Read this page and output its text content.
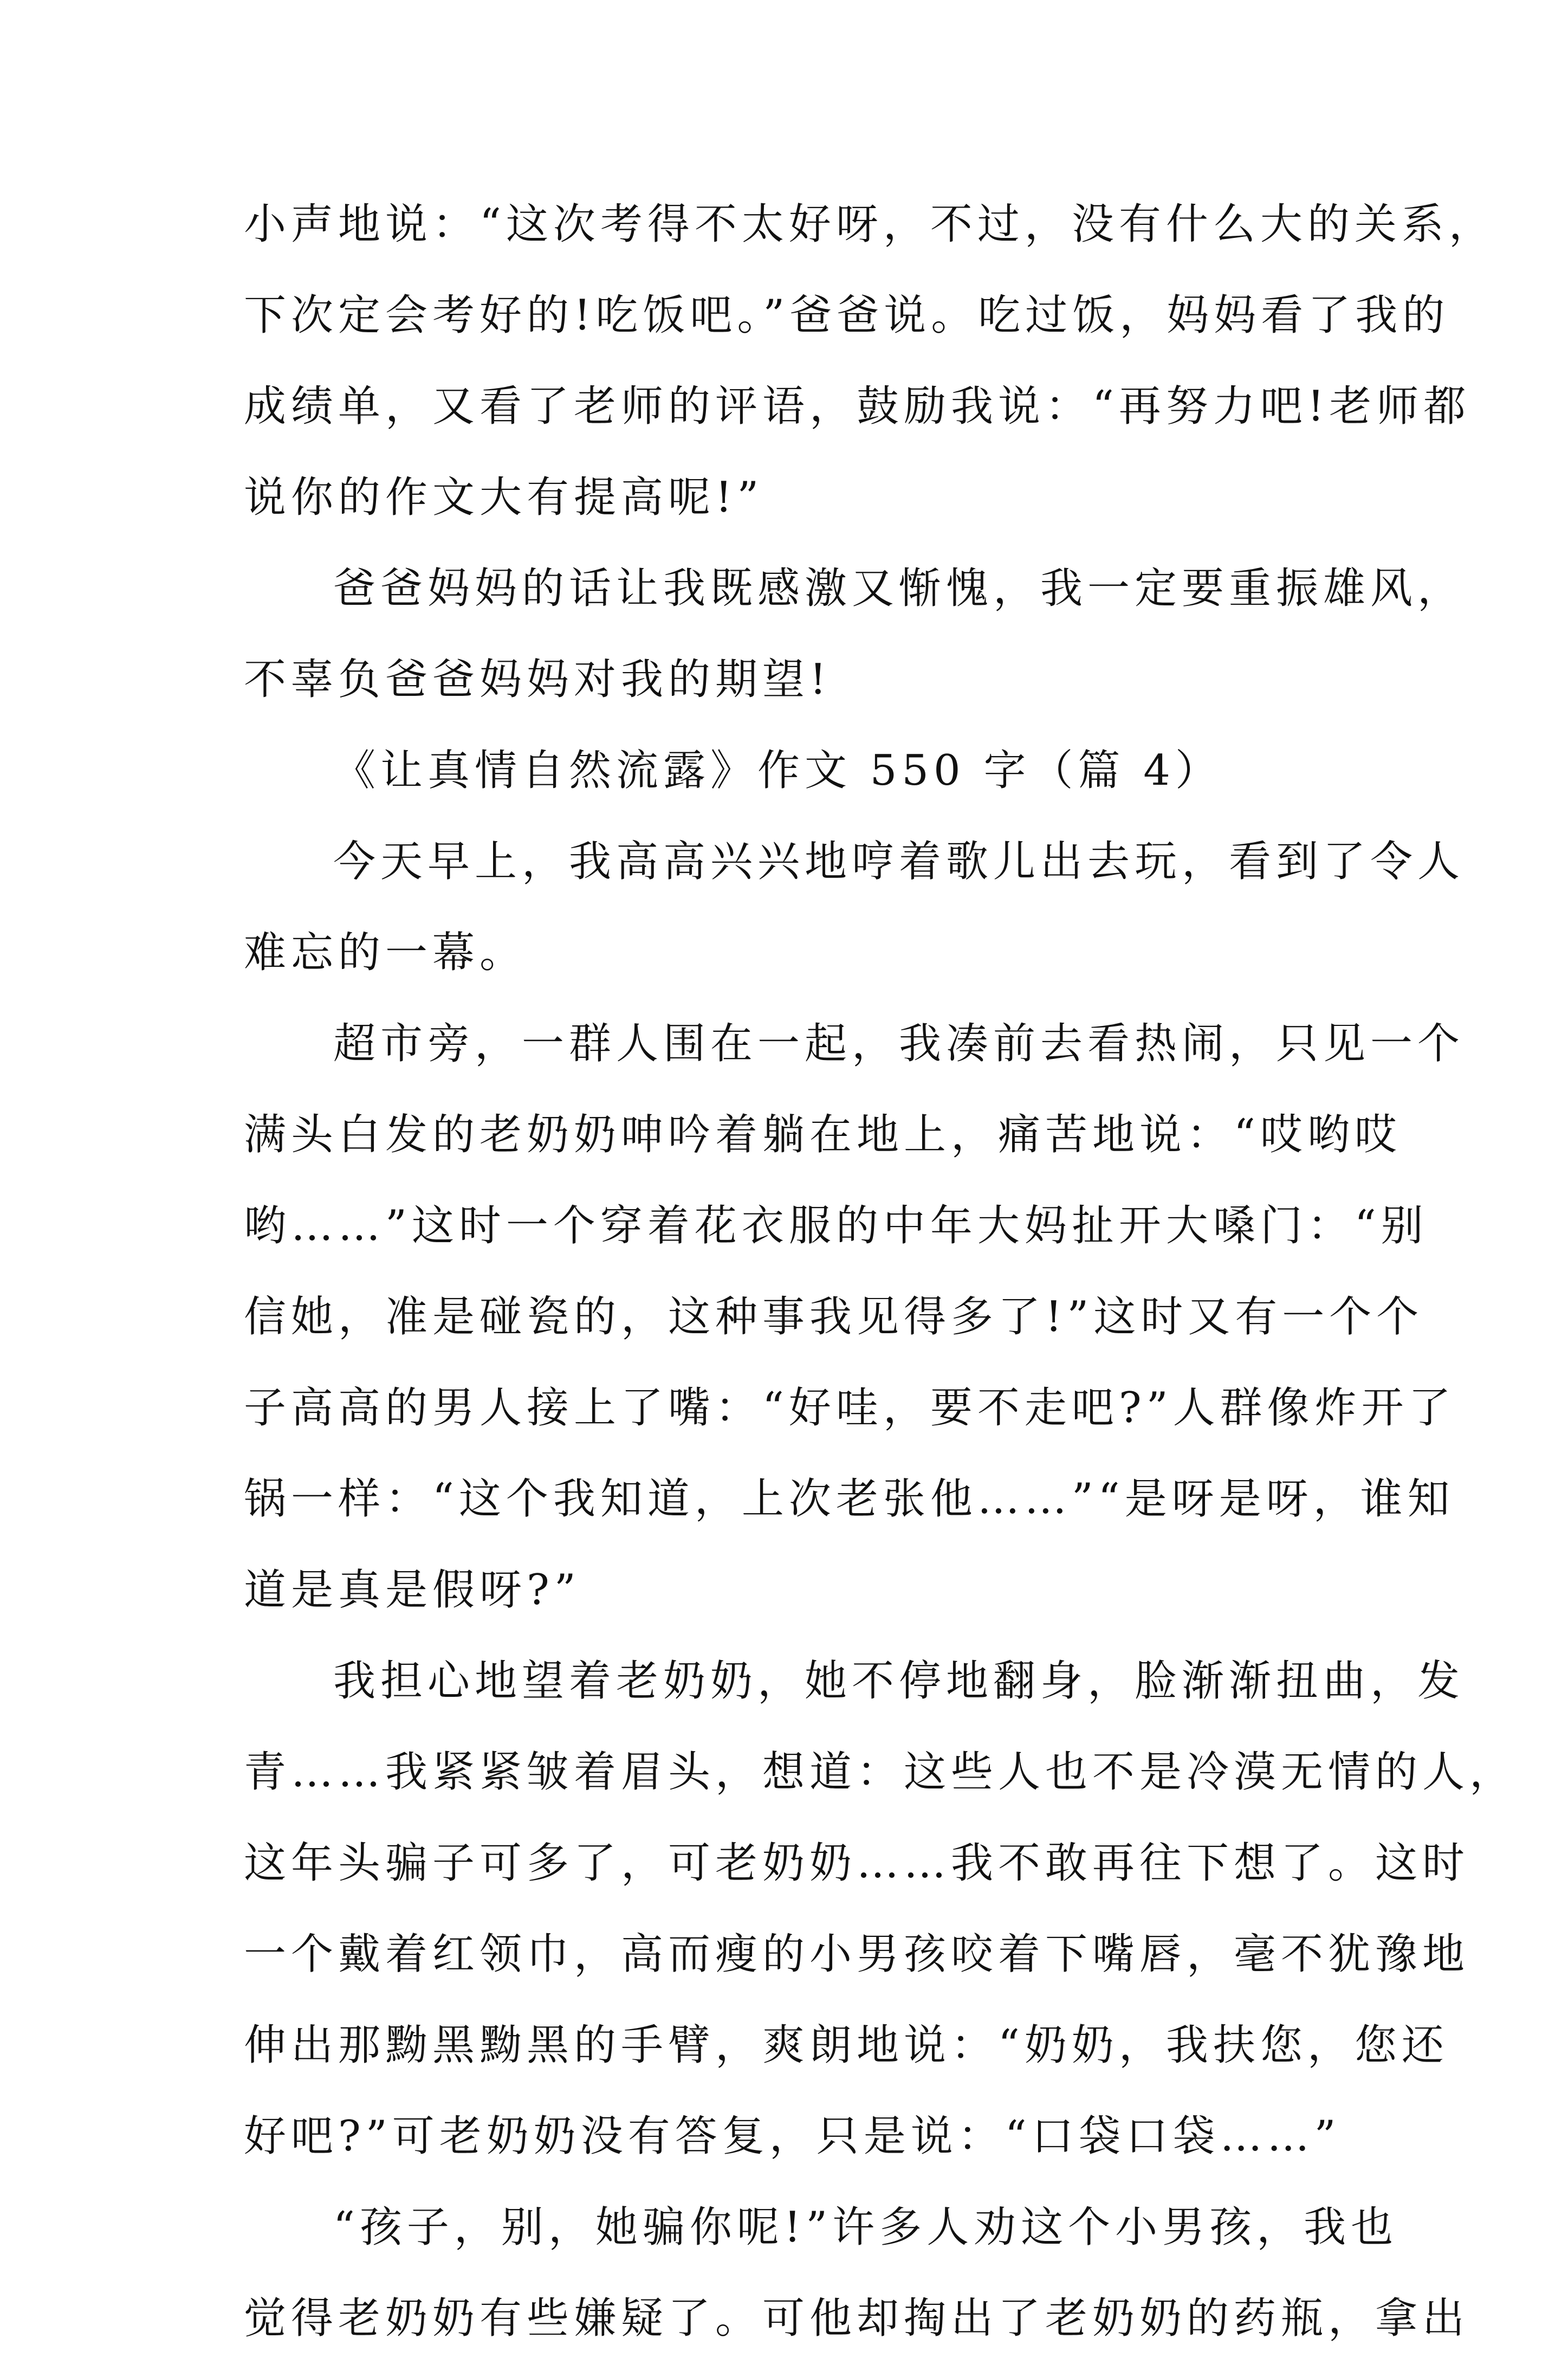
小声地说：“这次考得不太好呀，不过，没有什么大的关系，
下次定会考好的!吃饭吧。”爸爸说。吃过饭，妈妈看了我的
成绩单，又看了老师的评语，鼓励我说：“再努力吧!老师都
说你的作文大有提高呢!”
爸爸妈妈的话让我既感激又惭愧，我一定要重振雄风，
不辜负爸爸妈妈对我的期望!
《让真情自然流露》作文 550 字（篇 4）
今天早上，我高高兴兴地哼着歌儿出去玩，看到了令人
难忘的一幕。
超市旁，一群人围在一起，我凑前去看热闹，只见一个
满头白发的老奶奶呻吟着躺在地上，痛苦地说：“哎哟哎
哟……”这时一个穿着花衣服的中年大妈扯开大嗓门：“别
信她，准是碰瓷的，这种事我见得多了!”这时又有一个个
子高高的男人接上了嘴：“好哇，要不走吧?”人群像炸开了
锅一样：“这个我知道，上次老张他……”“是呀是呀，谁知
道是真是假呀?”
我担心地望着老奶奶，她不停地翻身，脸渐渐扭曲，发
青……我紧紧皱着眉头，想道：这些人也不是冷漠无情的人，
这年头骗子可多了，可老奶奶……我不敢再往下想了。这时
一个戴着红领巾，高而瘦的小男孩咬着下嘴唇，毫不犹豫地
伸出那黝黑黝黑的手臂，爽朗地说：“奶奶，我扶您，您还
好吧?”可老奶奶没有答复，只是说：“口袋口袋……”
“孩子，别，她骗你呢!”许多人劝这个小男孩，我也
觉得老奶奶有些嫌疑了。可他却掏出了老奶奶的药瓶，拿出
